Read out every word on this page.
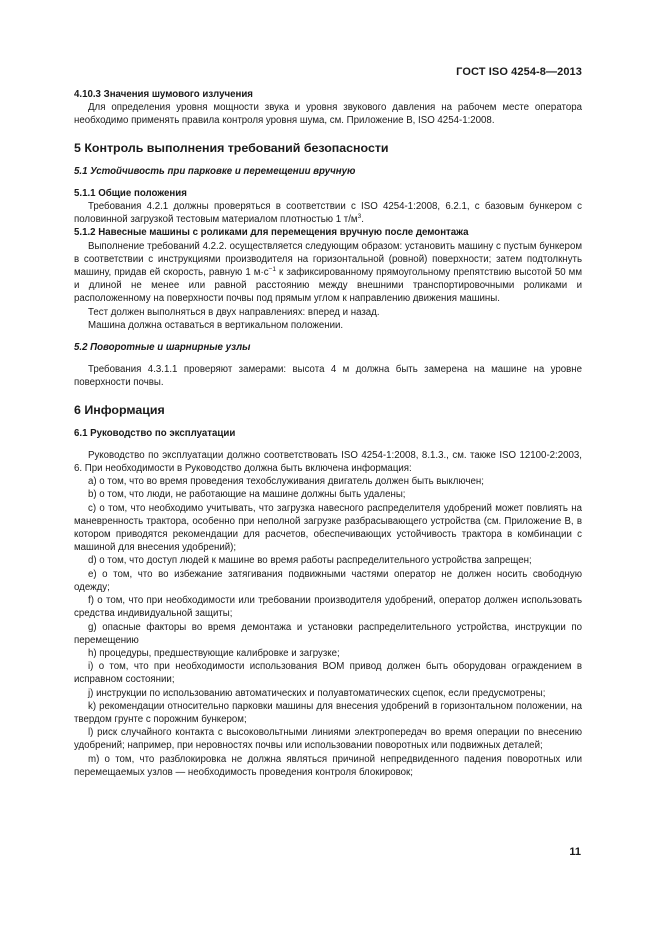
ГОСТ ISO 4254-8—2013

4.10.3 Значения шумового излучения

Для определения уровня мощности звука и уровня звукового давления на рабочем месте оператора необходимо применять правила контроля уровня шума, см. Приложение В, ISO 4254-1:2008.

5 Контроль выполнения требований безопасности

5.1 Устойчивость при парковке и перемещении вручную

5.1.1 Общие положения

Требования 4.2.1 должны проверяться в соответствии с ISO 4254-1:2008, 6.2.1, с базовым бункером с половинной загрузкой тестовым материалом плотностью 1 $т/м^3$.

5.1.2 Навесные машины с роликами для перемещения вручную после демонтажа

Выполнение требований 4.2.2. осуществляется следующим образом: установить машину с пустым бункером в соответствии с инструкциями производителя на горизонтальной (ровной) поверхности; затем подтолкнуть машину, придав ей скорость, равную 1 $м\cdot с^{-1}$ к зафиксированному прямоугольному препятствию высотой 50 мм и длиной не менее или равной расстоянию между внешними транспортировочными роликами и расположенному на поверхности почвы под прямым углом к направлению движения машины.

Тест должен выполняться в двух направлениях: вперед и назад.

Машина должна оставаться в вертикальном положении.

5.2 Поворотные и шарнирные узлы

Требования 4.3.1.1 проверяют замерами: высота 4 м должна быть замерена на машине на уровне поверхности почвы.

6 Информация

6.1 Руководство по эксплуатации

Руководство по эксплуатации должно соответствовать ISO 4254-1:2008, 8.1.3., см. также ISO 12100-2:2003, 6. При необходимости в Руководство должна быть включена информация:

a) о том, что во время проведения техобслуживания двигатель должен быть выключен;

b) о том, что люди, не работающие на машине должны быть удалены;

c) о том, что необходимо учитывать, что загрузка навесного распределителя удобрений может повлиять на маневренность трактора, особенно при неполной загрузке разбрасывающего устройства (см. Приложение В, в котором приводятся рекомендации для расчетов, обеспечивающих устойчивость трактора в комбинации с машиной для внесения удобрений);

d) о том, что доступ людей к машине во время работы распределительного устройства запрещен;

e) о том, что во избежание затягивания подвижными частями оператор не должен носить свободную одежду;

f) о том, что при необходимости или требовании производителя удобрений, оператор должен использовать средства индивидуальной защиты;

g) опасные факторы во время демонтажа и установки распределительного устройства, инструкции по перемещению

h) процедуры, предшествующие калибровке и загрузке;

i) о том, что при необходимости использования ВОМ привод должен быть оборудован ограждением в исправном состоянии;

j) инструкции по использованию автоматических и полуавтоматических сцепок, если предусмотрены;

k) рекомендации относительно парковки машины для внесения удобрений в горизонтальном положении, на твердом грунте с порожним бункером;

l) риск случайного контакта с высоковольтными линиями электропередач во время операции по внесению удобрений; например, при неровностях почвы или использовании поворотных или подвижных деталей;

m) о том, что разблокировка не должна являться причиной непредвиденного падения поворотных или перемещаемых узлов — необходимость проведения контроля блокировок;

11
